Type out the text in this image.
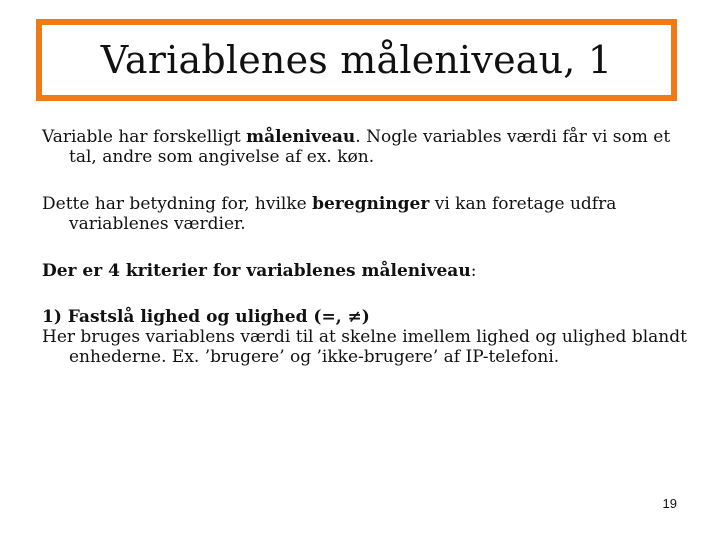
Variablenes måleniveau, 1

Variable har forskelligt måleniveau. Nogle variables værdi får vi som et tal, andre som angivelse af ex. køn.

Dette har betydning for, hvilke beregninger vi kan foretage udfra variablenes værdier.

Der er 4 kriterier for variablenes måleniveau:

1) Fastslå lighed og ulighed (=, ≠)
Her bruges variablens værdi til at skelne imellem lighed og ulighed blandt enhederne. Ex. ’brugere’ og ’ikke-brugere’ af IP-telefoni.
19
